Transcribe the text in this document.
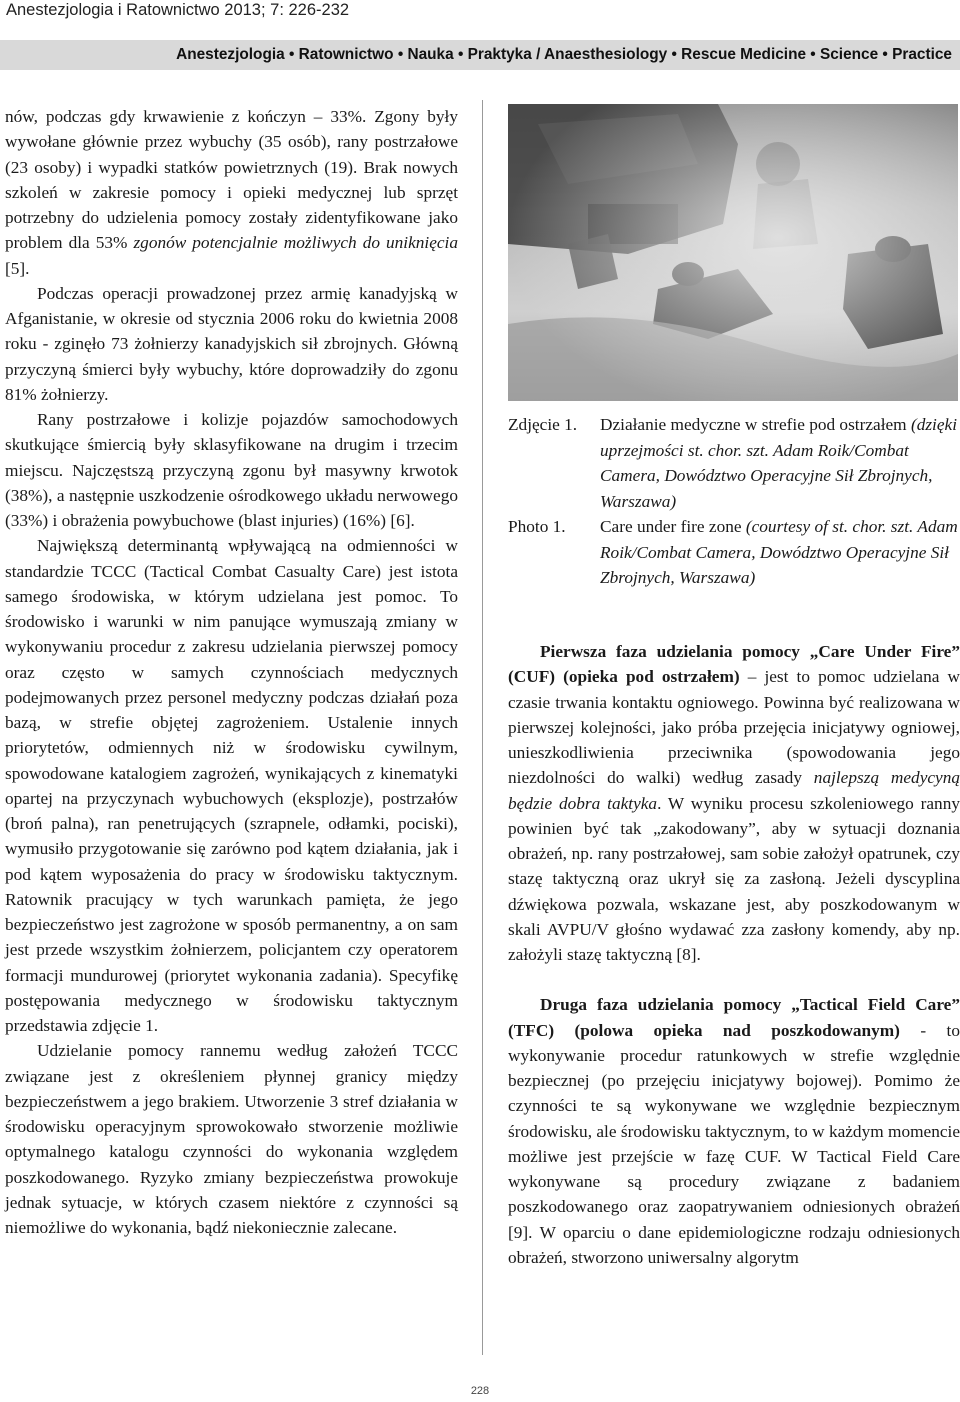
Anestezjologia i Ratownictwo 2013; 7: 226-232
Anestezjologia • Ratownictwo • Nauka • Praktyka / Anaesthesiology • Rescue Medicine • Science • Practice

nów, podczas gdy krwawienie z kończyn – 33%. Zgony były wywołane głównie przez wybuchy (35 osób), rany postrzałowe (23 osoby) i wypadki statków powietrznych (19). Brak nowych szkoleń w zakresie pomocy i opieki medycznej lub sprzęt potrzebny do udzielenia pomocy zostały zidentyfikowane jako problem dla 53% zgonów potencjalnie możliwych do uniknięcia [5].

Podczas operacji prowadzonej przez armię kanadyjską w Afganistanie, w okresie od stycznia 2006 roku do kwietnia 2008 roku - zginęło 73 żołnierzy kanadyjskich sił zbrojnych. Główną przyczyną śmierci były wybuchy, które doprowadziły do zgonu 81% żołnierzy.

Rany postrzałowe i kolizje pojazdów samochodowych skutkujące śmiercią były sklasyfikowane na drugim i trzecim miejscu. Najczęstszą przyczyną zgonu był masywny krwotok (38%), a następnie uszkodzenie ośrodkowego układu nerwowego (33%) i obrażenia powybuchowe (blast injuries) (16%) [6].

Największą determinantą wpływającą na odmienności w standardzie TCCC (Tactical Combat Casualty Care) jest istota samego środowiska, w którym udzielana jest pomoc. To środowisko i warunki w nim panujące wymuszają zmiany w wykonywaniu procedur z zakresu udzielania pierwszej pomocy oraz często w samych czynnościach medycznych podejmowanych przez personel medyczny podczas działań poza bazą, w strefie objętej zagrożeniem. Ustalenie innych priorytetów, odmiennych niż w środowisku cywilnym, spowodowane katalogiem zagrożeń, wynikających z kinematyki opartej na przyczynach wybuchowych (eksplozje), postrzałów (broń palna), ran penetrujących (szrapnele, odłamki, pociski), wymusiło przygotowanie się zarówno pod kątem działania, jak i pod kątem wyposażenia do pracy w środowisku taktycznym. Ratownik pracujący w tych warunkach pamięta, że jego bezpieczeństwo jest zagrożone w sposób permanentny, a on sam jest przede wszystkim żołnierzem, policjantem czy operatorem formacji mundurowej (priorytet wykonania zadania). Specyfikę postępowania medycznego w środowisku taktycznym przedstawia zdjęcie 1.

Udzielanie pomocy rannemu według założeń TCCC związane jest z określeniem płynnej granicy między bezpieczeństwem a jego brakiem. Utworzenie 3 stref działania w środowisku operacyjnym sprowokowało stworzenie możliwie optymalnego katalogu czynności do wykonania względem poszkodowanego. Ryzyko zmiany bezpieczeństwa prowokuje jednak sytuacje, w których czasem niektóre z czynności są niemożliwe do wykonania, bądź niekoniecznie zalecane.

Zdjęcie 1.	Działanie medyczne w strefie pod ostrzałem (dzięki uprzejmości st. chor. szt. Adam Roik/Combat Camera, Dowództwo Operacyjne Sił Zbrojnych, Warszawa)
Photo 1.	Care under fire zone (courtesy of st. chor. szt. Adam Roik/Combat Camera, Dowództwo Operacyjne Sił Zbrojnych, Warszawa)

Pierwsza faza udzielania pomocy „Care Under Fire” (CUF) (opieka pod ostrzałem) – jest to pomoc udzielana w czasie trwania kontaktu ogniowego. Powinna być realizowana w pierwszej kolejności, jako próba przejęcia inicjatywy ogniowej, unieszkodliwienia przeciwnika (spowodowania jego niezdolności do walki) według zasady najlepszą medycyną będzie dobra taktyka. W wyniku procesu szkoleniowego ranny powinien być tak „zakodowany”, aby w sytuacji doznania obrażeń, np. rany postrzałowej, sam sobie założył opatrunek, czy stazę taktyczną oraz ukrył się za zasłoną. Jeżeli dyscyplina dźwiękowa pozwala, wskazane jest, aby poszkodowanym w skali AVPU/V głośno wydawać zza zasłony komendy, aby np. założyli stazę taktyczną [8].

Druga faza udzielania pomocy „Tactical Field Care” (TFC) (polowa opieka nad poszkodowanym) - to wykonywanie procedur ratunkowych w strefie względnie bezpiecznej (po przejęciu inicjatywy bojowej). Pomimo że czynności te są wykonywane we względnie bezpiecznym środowisku, ale środowisku taktycznym, to w każdym momencie możliwe jest przejście w fazę CUF. W Tactical Field Care wykonywane są procedury związane z badaniem poszkodowanego oraz zaopatrywaniem odniesionych obrażeń [9]. W oparciu o dane epidemiologiczne rodzaju odniesionych obrażeń, stworzono uniwersalny algorytm

228
